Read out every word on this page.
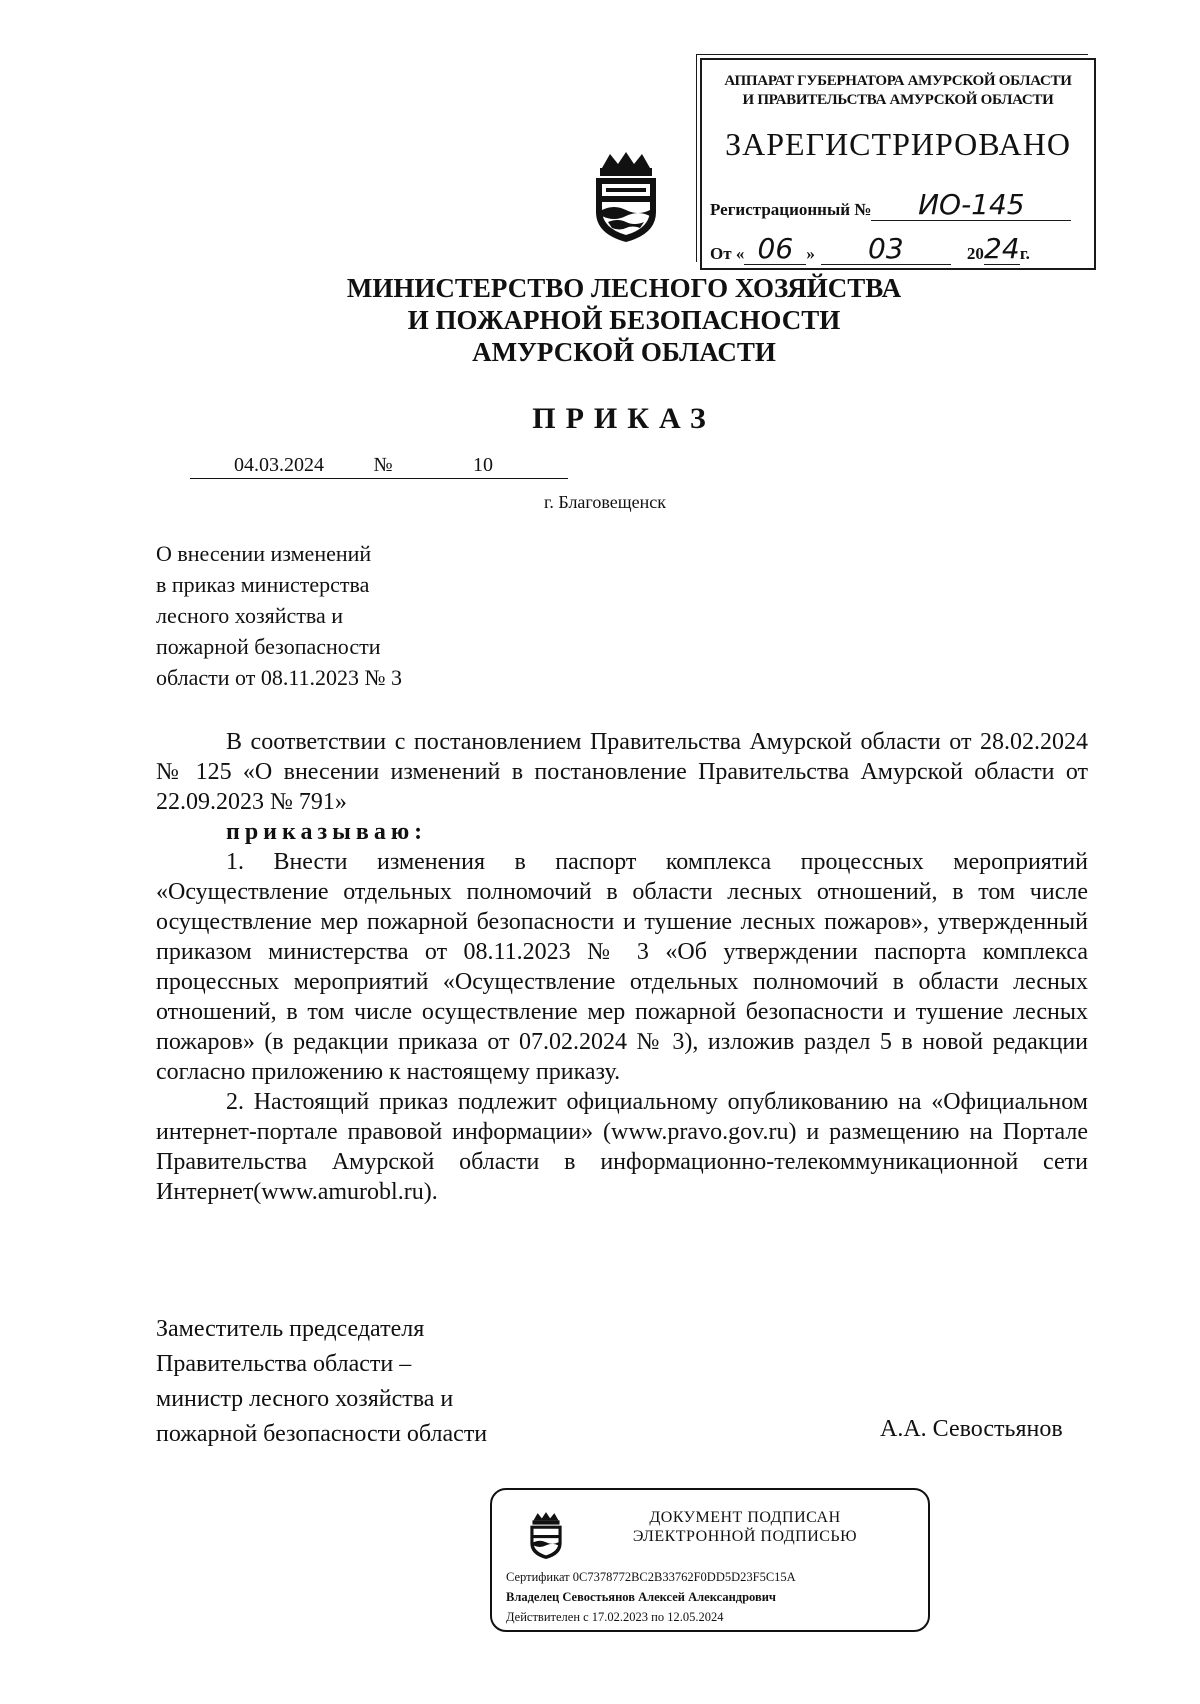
АППАРАТ ГУБЕРНАТОРА АМУРСКОЙ ОБЛАСТИ
И ПРАВИТЕЛЬСТВА АМУРСКОЙ ОБЛАСТИ
ЗАРЕГИСТРИРОВАНО
Регистрационный №	ИО-145
От « 06 »	03	20 24 г.
МИНИСТЕРСТВО ЛЕСНОГО ХОЗЯЙСТВА
И ПОЖАРНОЙ БЕЗОПАСНОСТИ
АМУРСКОЙ ОБЛАСТИ
ПРИКАЗ
04.03.2024	№	10
г. Благовещенск
О внесении изменений
в приказ министерства
лесного хозяйства и
пожарной безопасности
области от 08.11.2023 № 3

В соответствии с постановлением Правительства Амурской области от 28.02.2024 № 125 «О внесении изменений в постановление Правительства Амурской области от 22.09.2023 № 791»

приказываю:

1. Внести изменения в паспорт комплекса процессных мероприятий «Осуществление отдельных полномочий в области лесных отношений, в том числе осуществление мер пожарной безопасности и тушение лесных пожаров», утвержденный приказом министерства от 08.11.2023 № 3 «Об утверждении паспорта комплекса процессных мероприятий «Осуществление отдельных полномочий в области лесных отношений, в том числе осуществление мер пожарной безопасности и тушение лесных пожаров» (в редакции приказа от 07.02.2024 № 3), изложив раздел 5 в новой редакции согласно приложению к настоящему приказу.

2. Настоящий приказ подлежит официальному опубликованию на «Официальном интернет-портале правовой информации» (www.pravo.gov.ru) и размещению на Портале Правительства Амурской области в информационно-телекоммуникационной сети Интернет(www.amurobl.ru).

Заместитель председателя
Правительства области –
министр лесного хозяйства и
пожарной безопасности области	А.А. Севостьянов
ДОКУМЕНТ ПОДПИСАН
ЭЛЕКТРОННОЙ ПОДПИСЬЮ
Сертификат 0C7378772BC2B33762F0DD5D23F5C15A
Владелец Севостьянов Алексей Александрович
Действителен с 17.02.2023 по 12.05.2024
